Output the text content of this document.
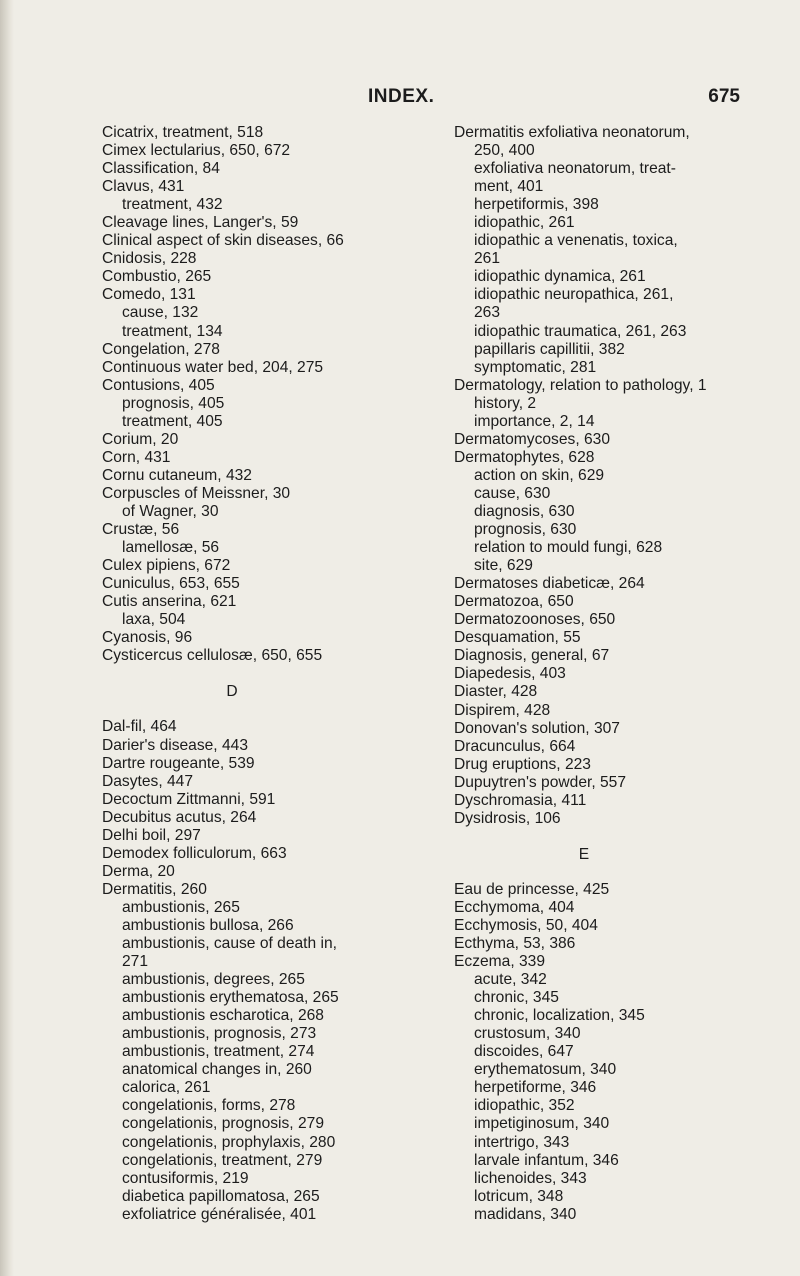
INDEX.	675
Cicatrix, treatment, 518
Cimex lectularius, 650, 672
Classification, 84
Clavus, 431
treatment, 432
Cleavage lines, Langer's, 59
Clinical aspect of skin diseases, 66
Cnidosis, 228
Combustio, 265
Comedo, 131
cause, 132
treatment, 134
Congelation, 278
Continuous water bed, 204, 275
Contusions, 405
prognosis, 405
treatment, 405
Corium, 20
Corn, 431
Cornu cutaneum, 432
Corpuscles of Meissner, 30
of Wagner, 30
Crustæ, 56
lamellosæ, 56
Culex pipiens, 672
Cuniculus, 653, 655
Cutis anserina, 621
laxa, 504
Cyanosis, 96
Cysticercus cellulosæ, 650, 655
D
Dal-fil, 464
Darier's disease, 443
Dartre rougeante, 539
Dasytes, 447
Decoctum Zittmanni, 591
Decubitus acutus, 264
Delhi boil, 297
Demodex folliculorum, 663
Derma, 20
Dermatitis, 260
ambustionis, 265
ambustionis bullosa, 266
ambustionis, cause of death in,
271
ambustionis, degrees, 265
ambustionis erythematosa, 265
ambustionis escharotica, 268
ambustionis, prognosis, 273
ambustionis, treatment, 274
anatomical changes in, 260
calorica, 261
congelationis, forms, 278
congelationis, prognosis, 279
congelationis, prophylaxis, 280
congelationis, treatment, 279
contusiformis, 219
diabetica papillomatosa, 265
exfoliatrice généralisée, 401
Dermatitis exfoliativa neonatorum,
250, 400
exfoliativa neonatorum, treat-
ment, 401
herpetiformis, 398
idiopathic, 261
idiopathic a venenatis, toxica,
261
idiopathic dynamica, 261
idiopathic neuropathica, 261,
263
idiopathic traumatica, 261, 263
papillaris capillitii, 382
symptomatic, 281
Dermatology, relation to pathology, 1
history, 2
importance, 2, 14
Dermatomycoses, 630
Dermatophytes, 628
action on skin, 629
cause, 630
diagnosis, 630
prognosis, 630
relation to mould fungi, 628
site, 629
Dermatoses diabeticæ, 264
Dermatozoa, 650
Dermatozoonoses, 650
Desquamation, 55
Diagnosis, general, 67
Diapedesis, 403
Diaster, 428
Dispirem, 428
Donovan's solution, 307
Dracunculus, 664
Drug eruptions, 223
Dupuytren's powder, 557
Dyschromasia, 411
Dysidrosis, 106
E
Eau de princesse, 425
Ecchymoma, 404
Ecchymosis, 50, 404
Ecthyma, 53, 386
Eczema, 339
acute, 342
chronic, 345
chronic, localization, 345
crustosum, 340
discoides, 647
erythematosum, 340
herpetiforme, 346
idiopathic, 352
impetiginosum, 340
intertrigo, 343
larvale infantum, 346
lichenoides, 343
lotricum, 348
madidans, 340
